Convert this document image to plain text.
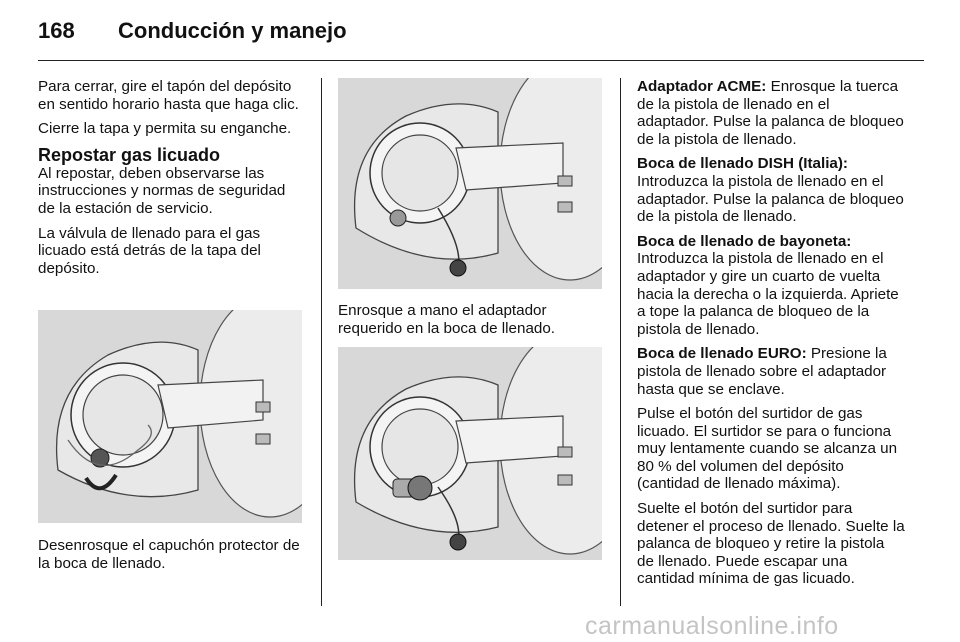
168 Conducción y manejo

Para cerrar, gire el tapón del depósito en sentido horario hasta que haga clic.

Cierre la tapa y permita su enganche.

Repostar gas licuado

Al repostar, deben observarse las instrucciones y normas de seguridad de la estación de servicio.

La válvula de llenado para el gas licuado está detrás de la tapa del depósito.

Desenrosque el capuchón protector de la boca de llenado.

Enrosque a mano el adaptador requerido en la boca de llenado.

Adaptador ACME: Enrosque la tuerca de la pistola de llenado en el adaptador. Pulse la palanca de bloqueo de la pistola de llenado.

Boca de llenado DISH (Italia): Introduzca la pistola de llenado en el adaptador. Pulse la palanca de bloqueo de la pistola de llenado.

Boca de llenado de bayoneta: Introduzca la pistola de llenado en el adaptador y gire un cuarto de vuelta hacia la derecha o la izquierda. Apriete a tope la palanca de bloqueo de la pistola de llenado.

Boca de llenado EURO: Presione la pistola de llenado sobre el adaptador hasta que se enclave.

Pulse el botón del surtidor de gas licuado. El surtidor se para o funciona muy lentamente cuando se alcanza un 80 % del volumen del depósito (cantidad de llenado máxima).

Suelte el botón del surtidor para detener el proceso de llenado. Suelte la palanca de bloqueo y retire la pistola de llenado. Puede escapar una cantidad mínima de gas licuado.

carmanualsonline.info
